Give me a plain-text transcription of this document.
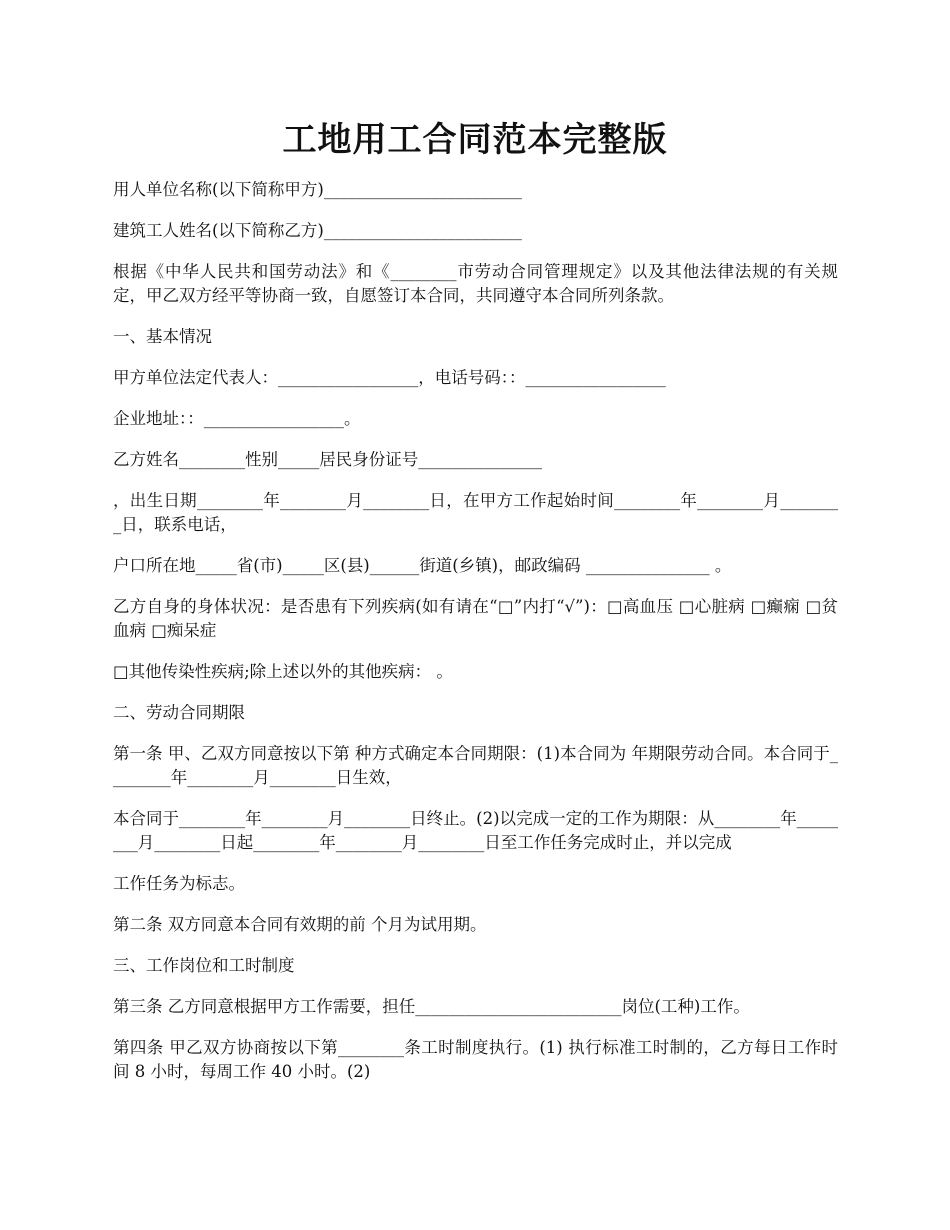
工地用工合同范本完整版

用人单位名称(以下简称甲方)________________________

建筑工人姓名(以下简称乙方)________________________

根据《中华人民共和国劳动法》和《________市劳动合同管理规定》以及其他法律法规的有关规定，甲乙双方经平等协商一致，自愿签订本合同，共同遵守本合同所列条款。

一、基本情况

甲方单位法定代表人：_________________，电话号码：：_________________

企业地址：：_________________。

乙方姓名________性别_____居民身份证号_______________

，出生日期________年________月________日，在甲方工作起始时间________年________月________日，联系电话，

户口所在地_____省(市)_____区(县)______街道(乡镇)，邮政编码 _______________ 。

乙方自身的身体状况：是否患有下列疾病(如有请在“□”内打“√”)：□高血压 □心脏病 □癫痫 □贫血病 □痴呆症

□其他传染性疾病;除上述以外的其他疾病： 。

二、劳动合同期限

第一条 甲、乙双方同意按以下第 种方式确定本合同期限：(1)本合同为 年期限劳动合同。本合同于________年________月________日生效，

本合同于________年________月________日终止。(2)以完成一定的工作为期限：从________年________月________日起________年________月________日至工作任务完成时止，并以完成

工作任务为标志。

第二条 双方同意本合同有效期的前 个月为试用期。

三、工作岗位和工时制度

第三条 乙方同意根据甲方工作需要，担任_________________________岗位(工种)工作。

第四条 甲乙双方协商按以下第________条工时制度执行。(1) 执行标准工时制的，乙方每日工作时间 8 小时，每周工作 40 小时。(2)
